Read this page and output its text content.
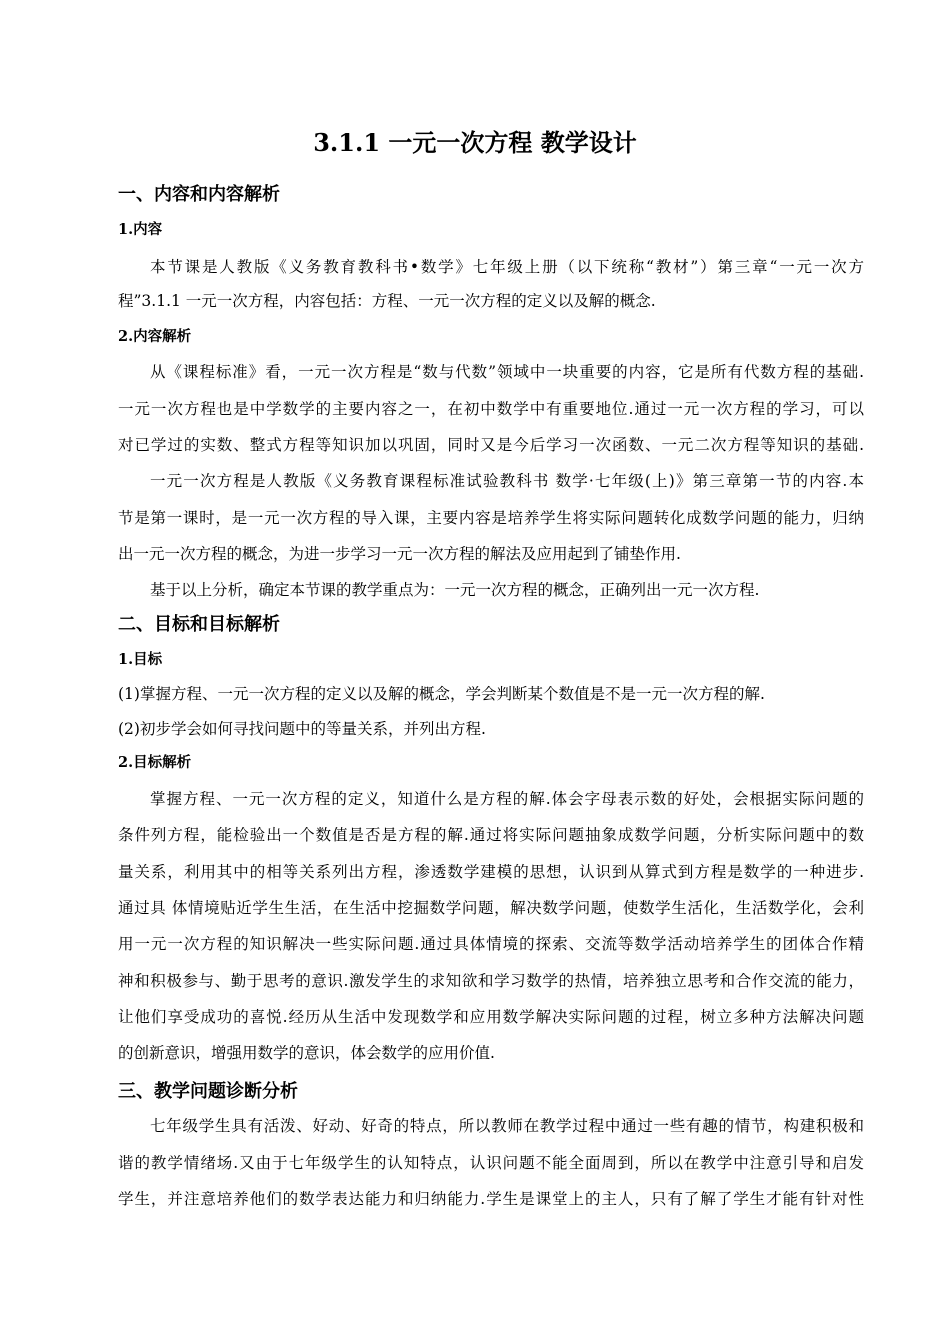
3.1.1 一元一次方程 教学设计
一、内容和内容解析
1.内容
本节课是人教版《义务教育教科书•数学》七年级上册（以下统称“教材”）第三章“一元一次方
程”3.1.1 一元一次方程，内容包括：方程、一元一次方程的定义以及解的概念.
2.内容解析
从《课程标准》看，一元一次方程是“数与代数”领域中一块重要的内容，它是所有代数方程的基础.
一元一次方程也是中学数学的主要内容之一，在初中数学中有重要地位.通过一元一次方程的学习，可以
对已学过的实数、整式方程等知识加以巩固，同时又是今后学习一次函数、一元二次方程等知识的基础.
一元一次方程是人教版《义务教育课程标准试验教科书 数学·七年级(上)》第三章第一节的内容.本
节是第一课时，是一元一次方程的导入课，主要内容是培养学生将实际问题转化成数学问题的能力，归纳
出一元一次方程的概念，为进一步学习一元一次方程的解法及应用起到了铺垫作用.
基于以上分析，确定本节课的教学重点为：一元一次方程的概念，正确列出一元一次方程.
二、目标和目标解析
1.目标
(1)掌握方程、一元一次方程的定义以及解的概念，学会判断某个数值是不是一元一次方程的解.
(2)初步学会如何寻找问题中的等量关系，并列出方程.
2.目标解析
掌握方程、一元一次方程的定义，知道什么是方程的解.体会字母表示数的好处，会根据实际问题的
条件列方程，能检验出一个数值是否是方程的解.通过将实际问题抽象成数学问题，分析实际问题中的数
量关系，利用其中的相等关系列出方程，渗透数学建模的思想，认识到从算式到方程是数学的一种进步.
通过具 体情境贴近学生生活，在生活中挖掘数学问题，解决数学问题，使数学生活化，生活数学化，会利
用一元一次方程的知识解决一些实际问题.通过具体情境的探索、交流等数学活动培养学生的团体合作精
神和积极参与、勤于思考的意识.激发学生的求知欲和学习数学的热情，培养独立思考和合作交流的能力，
让他们享受成功的喜悦.经历从生活中发现数学和应用数学解决实际问题的过程，树立多种方法解决问题
的创新意识，增强用数学的意识，体会数学的应用价值.
三、教学问题诊断分析
七年级学生具有活泼、好动、好奇的特点，所以教师在教学过程中通过一些有趣的情节，构建积极和
谐的教学情绪场.又由于七年级学生的认知特点，认识问题不能全面周到，所以在教学中注意引导和启发
学生，并注意培养他们的数学表达能力和归纳能力.学生是课堂上的主人，只有了解了学生才能有针对性
